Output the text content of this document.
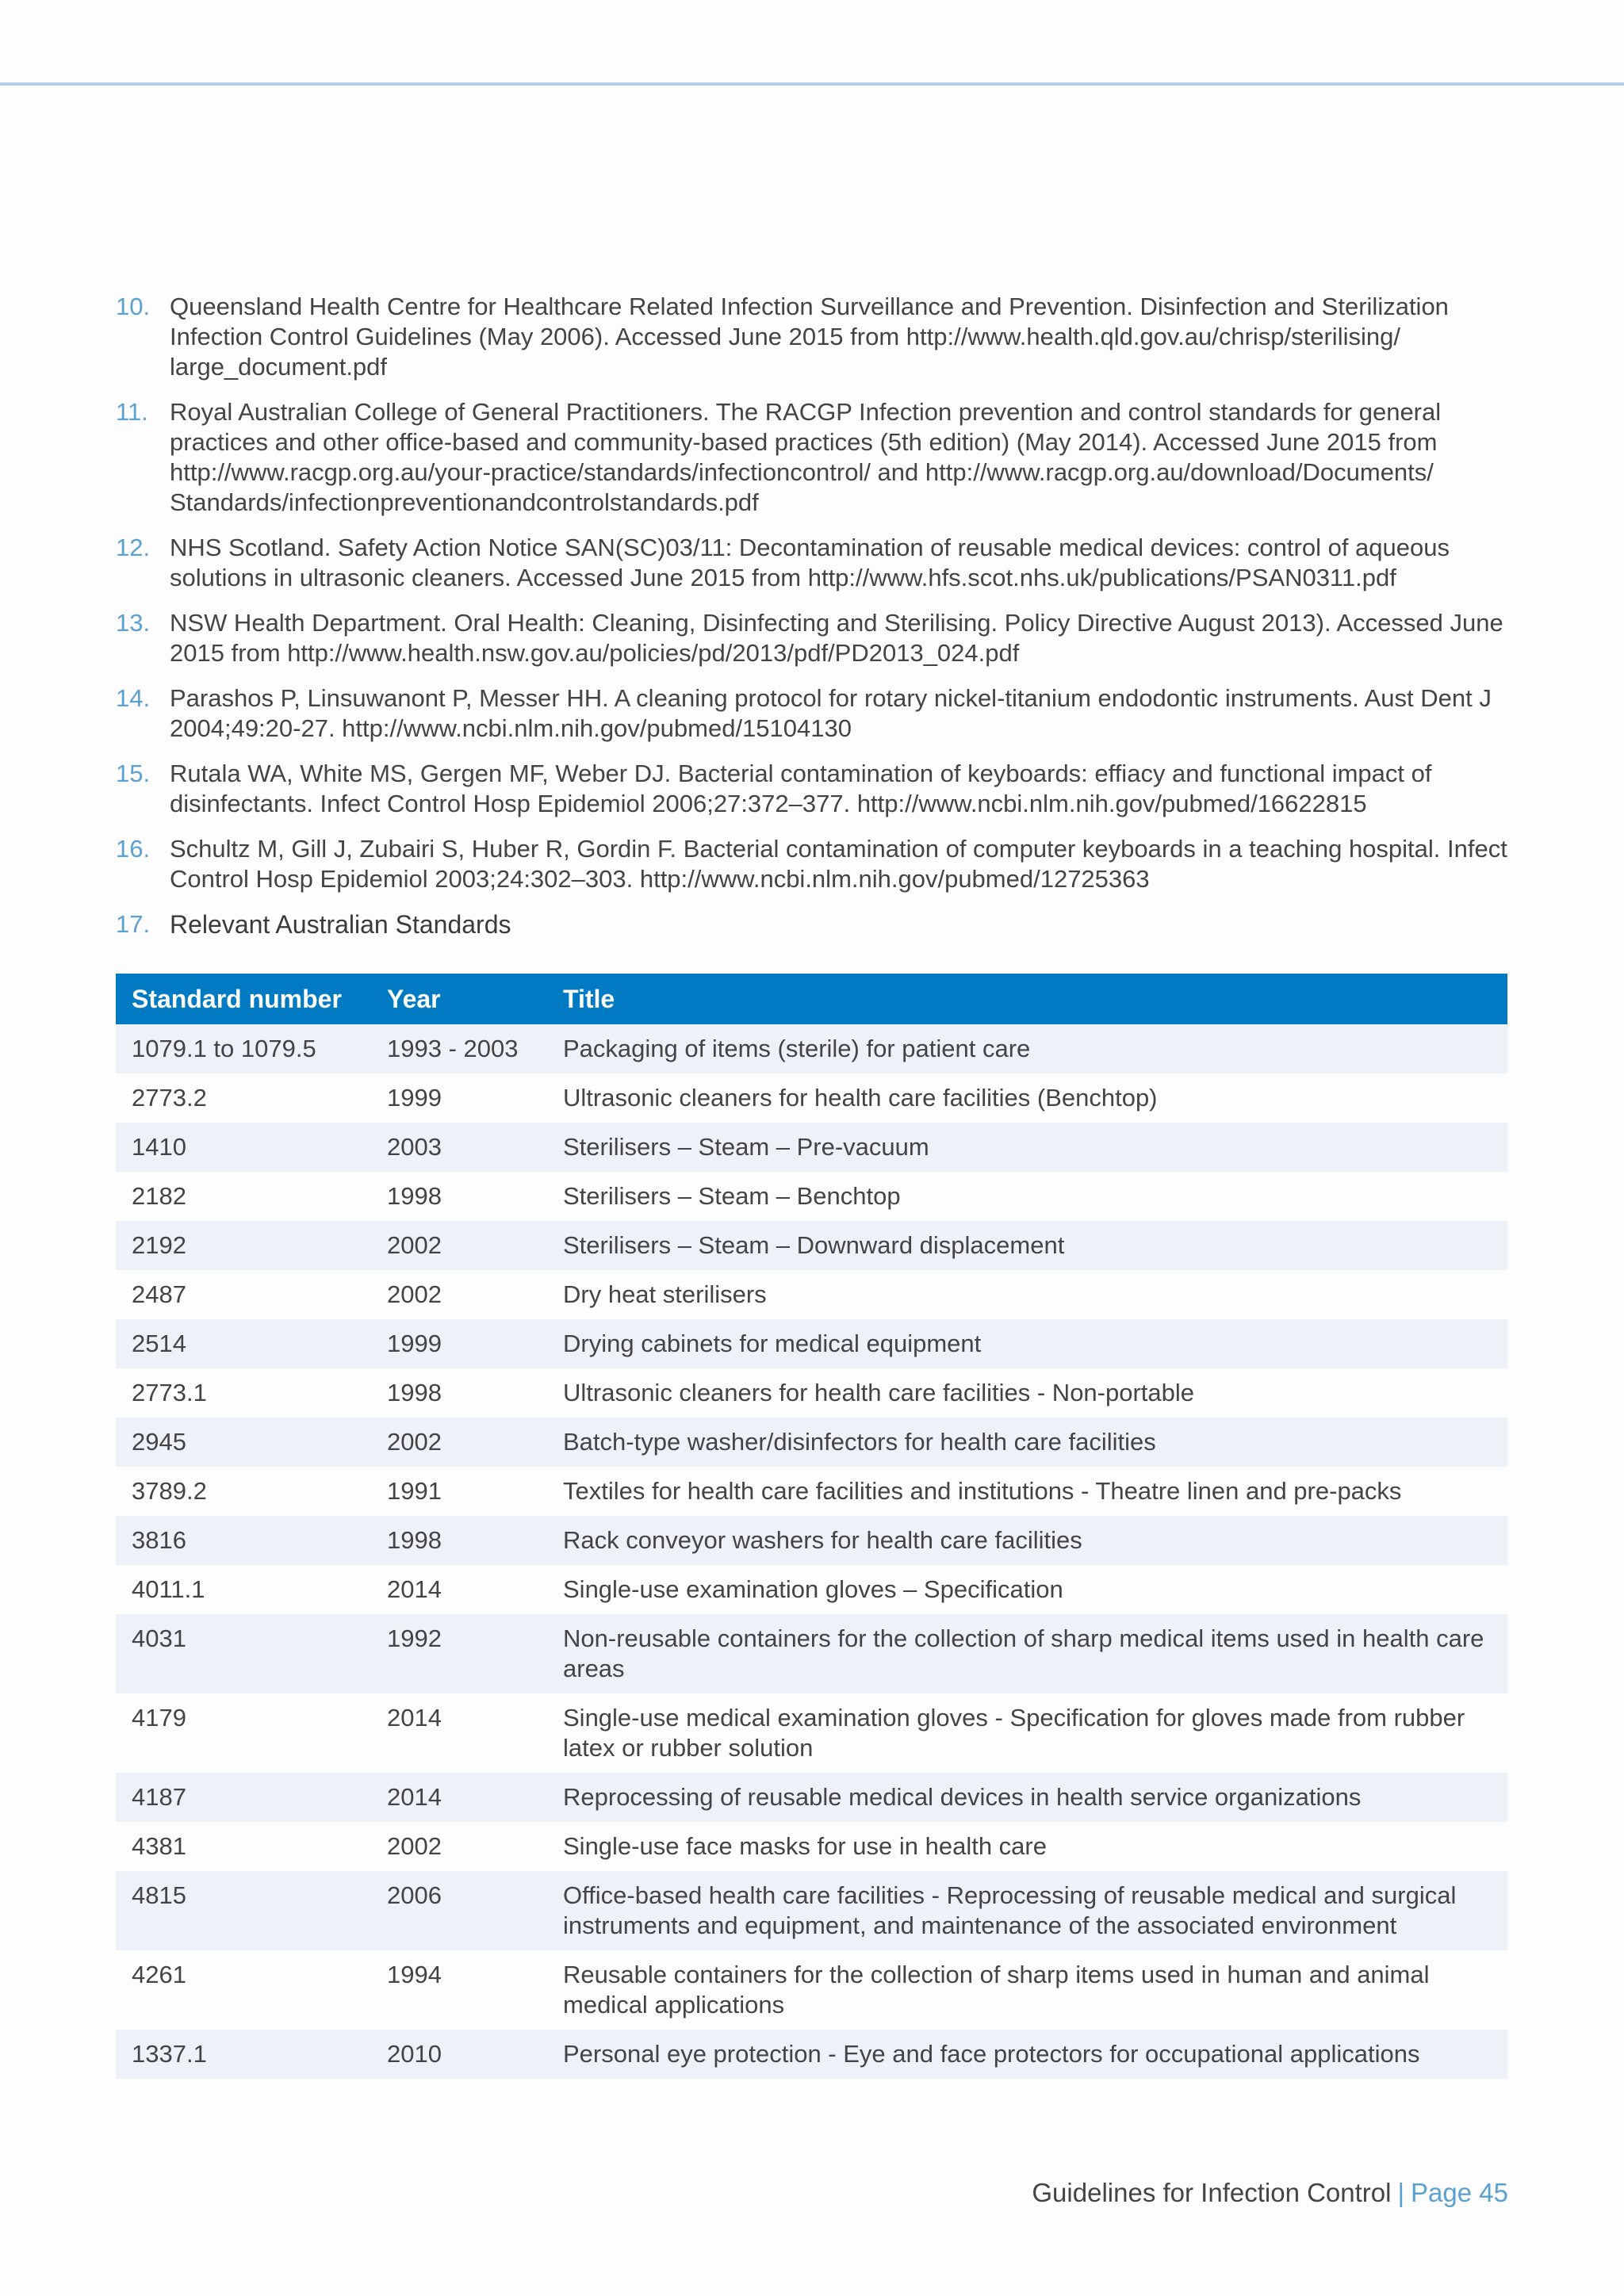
10. Queensland Health Centre for Healthcare Related Infection Surveillance and Prevention. Disinfection and Sterilization Infection Control Guidelines (May 2006). Accessed June 2015 from http://www.health.qld.gov.au/chrisp/sterilising/ large_document.pdf
11. Royal Australian College of General Practitioners. The RACGP Infection prevention and control standards for general practices and other office-based and community-based practices (5th edition) (May 2014). Accessed June 2015 from http://www.racgp.org.au/your-practice/standards/infectioncontrol/ and http://www.racgp.org.au/download/Documents/ Standards/infectionpreventionandcontrolstandards.pdf
12. NHS Scotland. Safety Action Notice SAN(SC)03/11: Decontamination of reusable medical devices: control of aqueous solutions in ultrasonic cleaners. Accessed June 2015 from http://www.hfs.scot.nhs.uk/publications/PSAN0311.pdf
13. NSW Health Department. Oral Health: Cleaning, Disinfecting and Sterilising. Policy Directive August 2013). Accessed June 2015 from http://www.health.nsw.gov.au/policies/pd/2013/pdf/PD2013_024.pdf
14. Parashos P, Linsuwanont P, Messer HH. A cleaning protocol for rotary nickel-titanium endodontic instruments. Aust Dent J 2004;49:20-27. http://www.ncbi.nlm.nih.gov/pubmed/15104130
15. Rutala WA, White MS, Gergen MF, Weber DJ. Bacterial contamination of keyboards: effiacy and functional impact of disinfectants. Infect Control Hosp Epidemiol 2006;27:372–377. http://www.ncbi.nlm.nih.gov/pubmed/16622815
16. Schultz M, Gill J, Zubairi S, Huber R, Gordin F. Bacterial contamination of computer keyboards in a teaching hospital. Infect Control Hosp Epidemiol 2003;24:302–303. http://www.ncbi.nlm.nih.gov/pubmed/12725363
17. Relevant Australian Standards
Standard number	Year	Title
1079.1 to 1079.5	1993 - 2003	Packaging of items (sterile) for patient care
2773.2	1999	Ultrasonic cleaners for health care facilities (Benchtop)
1410	2003	Sterilisers – Steam – Pre-vacuum
2182	1998	Sterilisers – Steam – Benchtop
2192	2002	Sterilisers – Steam – Downward displacement
2487	2002	Dry heat sterilisers
2514	1999	Drying cabinets for medical equipment
2773.1	1998	Ultrasonic cleaners for health care facilities - Non-portable
2945	2002	Batch-type washer/disinfectors for health care facilities
3789.2	1991	Textiles for health care facilities and institutions - Theatre linen and pre-packs
3816	1998	Rack conveyor washers for health care facilities
4011.1	2014	Single-use examination gloves – Specification
4031	1992	Non-reusable containers for the collection of sharp medical items used in health care areas
4179	2014	Single-use medical examination gloves - Specification for gloves made from rubber latex or rubber solution
4187	2014	Reprocessing of reusable medical devices in health service organizations
4381	2002	Single-use face masks for use in health care
4815	2006	Office-based health care facilities - Reprocessing of reusable medical and surgical instruments and equipment, and maintenance of the associated environment
4261	1994	Reusable containers for the collection of sharp items used in human and animal medical applications
1337.1	2010	Personal eye protection - Eye and face protectors for occupational applications
Guidelines for Infection Control | Page 45
